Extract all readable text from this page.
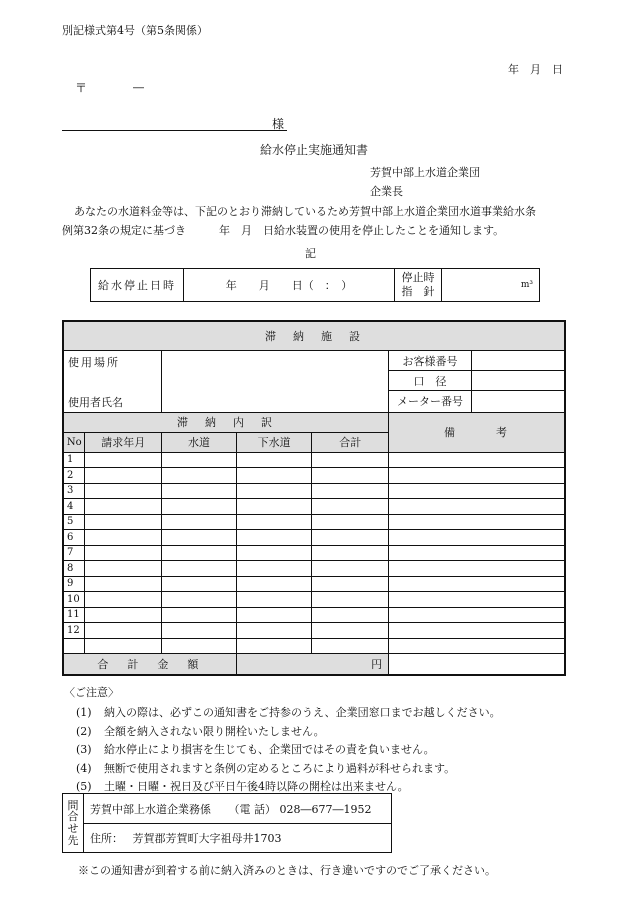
別記様式第4号（第5条関係）
年　月　日
〒	―
様
給水停止実施通知書
芳賀中部上水道企業団
企業長
あなたの水道料金等は、下記のとおり滞納しているため芳賀中部上水道企業団水道事業給水条
例第32条の規定に基づき　　　年　月　日給水装置の使用を停止したことを通知します。
記
給水停止日時	年　　月　　日（　：　）	
停止時
指　針	m³
滞　納　施　設						
使用場所					お客様番号	
					口　径	
使用者氏名					メーター番号	
滞　納　内　訳					備　　　考	
No	請求年月	水道	下水道	合計		
1						
2						
3						
4						
5						
6						
7						
8						
9						
10						
11						
12						

合　計　金　額			円			
〈ご注意〉
(1) 納入の際は、必ずこの通知書をご持参のうえ、企業団窓口までお越しください。
(2) 全額を納入されない限り開栓いたしません。
(3) 給水停止により損害を生じても、企業団ではその責を負いません。
(4) 無断で使用されますと条例の定めるところにより過料が科せられます。
(5) 土曜・日曜・祝日及び平日午後4時以降の開栓は出来ません。
問合せ先	芳賀中部上水道企業務係 （電 話） 028―677―1952
住所： 芳賀郡芳賀町大字祖母井1703
※この通知書が到着する前に納入済みのときは、行き違いですのでご了承ください。
